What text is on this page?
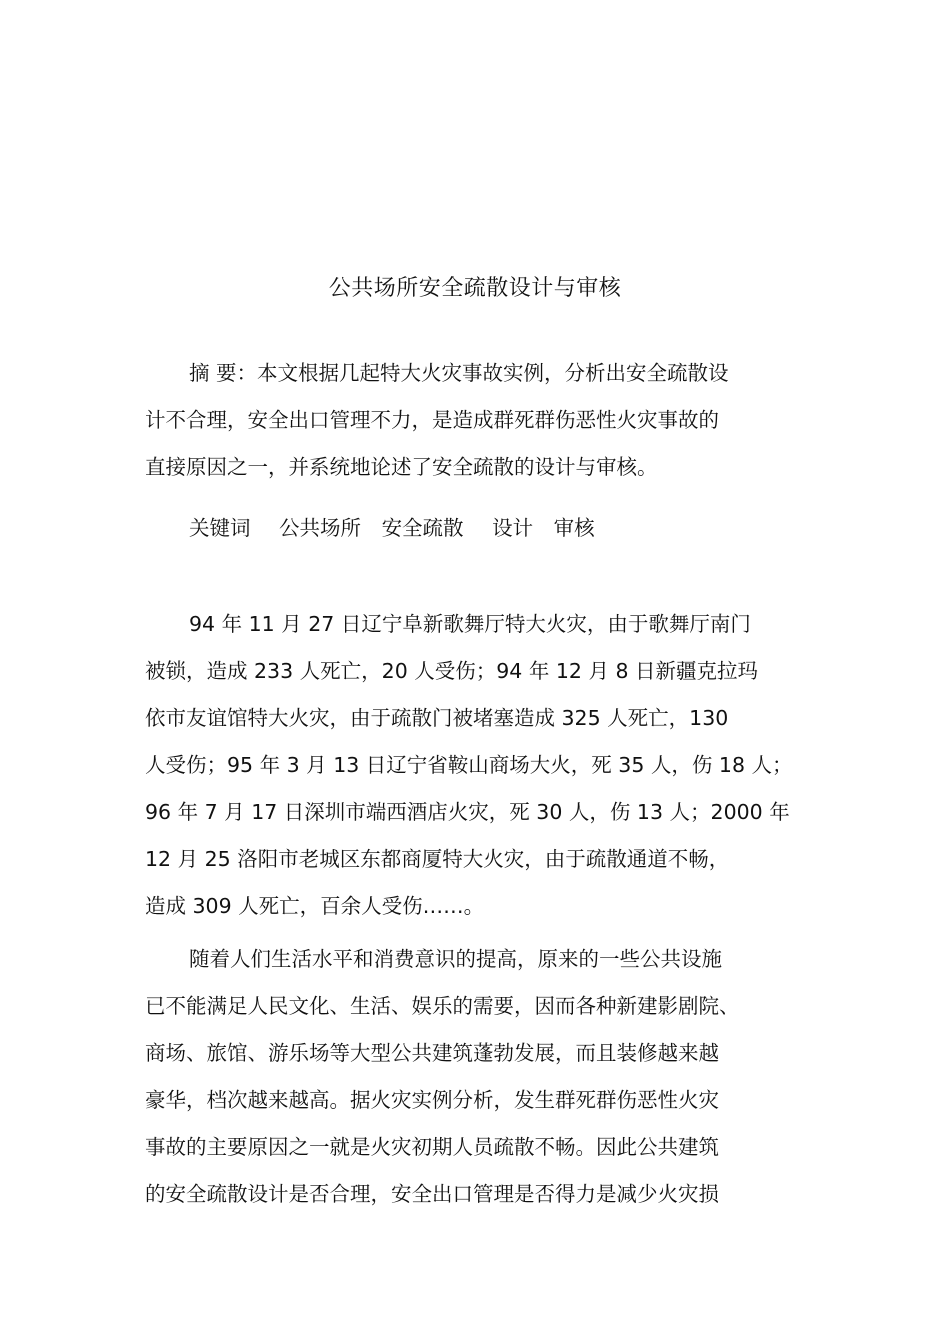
公共场所安全疏散设计与审核
摘 要：本文根据几起特大火灾事故实例，分析出安全疏散设
计不合理，安全出口管理不力，是造成群死群伤恶性火灾事故的
直接原因之一，并系统地论述了安全疏散的设计与审核。
关键词 公共场所 安全疏散 设计 审核
94 年 11 月 27 日辽宁阜新歌舞厅特大火灾，由于歌舞厅南门
被锁，造成 233 人死亡，20 人受伤；94 年 12 月 8 日新疆克拉玛
依市友谊馆特大火灾，由于疏散门被堵塞造成 325 人死亡，130
人受伤；95 年 3 月 13 日辽宁省鞍山商场大火，死 35 人，伤 18 人；
96 年 7 月 17 日深圳市端西酒店火灾，死 30 人，伤 13 人；2000 年
12 月 25 洛阳市老城区东都商厦特大火灾，由于疏散通道不畅，
造成 309 人死亡，百余人受伤……。
随着人们生活水平和消费意识的提高，原来的一些公共设施
已不能满足人民文化、生活、娱乐的需要，因而各种新建影剧院、
商场、旅馆、游乐场等大型公共建筑蓬勃发展，而且装修越来越
豪华，档次越来越高。据火灾实例分析，发生群死群伤恶性火灾
事故的主要原因之一就是火灾初期人员疏散不畅。因此公共建筑
的安全疏散设计是否合理，安全出口管理是否得力是减少火灾损
